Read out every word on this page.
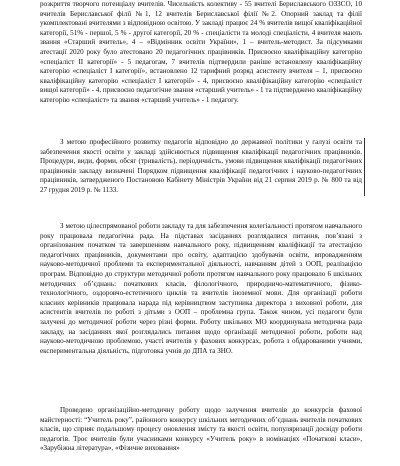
розкриття творчого потенціалу вчителів. Чисельність колективу - 55 вчителі Бериславського ОЗЗСО, 10 вчителів Бериславської філії №1, 12 вчителів Бериславської філії №2. Опорний заклад та філії укомплектовані вчителями з відповідною освітою. У закладі працює 24 % вчителів вищої кваліфікаційної категорії, 51% - першої, 5 % - другої категорії, 20 % - спеціалісти та молоді спеціалісти, 4 вчителя мають звання «Старший вчитель», 4 – «Відмінник освіти України», 1 – вчитель-методист. За підсумками атестації 2020 року було атестовано 20 педагогічних працівників. Присвоєно кваліфікаційну категорію «спеціаліст ІІ категорії» - 5 педагогам, 7 вчителів підтвердили раніше встановлену кваліфікаційну категорію «спеціаліст І категорії», встановлено 12 тарифний розряд асистенту вчителя – 1, присвоєно кваліфікаційну категорію «спеціаліст І категорії» - 4, присвоєно кваліфікаційну категорію «спеціаліст вищої категорії» - 4, присвоєно педагогічне звання «старший учитель» - 1 та підтверджено кваліфікаційну категорію «спеціаліст» та звання «старший учитель» - 1 педагогу.

З метою професійного розвитку педагогів відповідно до державної політики у галузі освіти та забезпечення якості освіти у закладі здійснюється підвищення кваліфікації педагогічних працівників. Процедури, види, форми, обсяг (тривалість), періодичність, умови підвищення кваліфікації педагогічних працівників закладу визначені Порядком підвищення кваліфікації педагогічних і науково-педагогічних працівників, затвердженого Постановою Кабінету Міністрів України від 21 серпня 2019 р. № 800 та від 27 грудня 2019 р. № 1133.

З метою цілеспрямованої роботи закладу та для забезпечення колегіальності протягом навчального року працювала педагогічна рада. На підставах засіданнях розглядалися питання, пов’язані з організованим початком та завершенням навчального року, підвищенням кваліфікації та атестацією педагогічних працівників, документами про освіту, адаптацією здобувачів освіти, впровадженням науково-методичної проблеми та експериментальної діяльності, навчанням дітей з ООП, реалізацією програм. Відповідно до структури методичної роботи протягом навчального року працювало 6 шкільних методичних об’єднань: початкових класів, філологічного, природничо-математичного, фізико-технологічного, оздоровчо-естетичного циклів та вчителів іноземної мови. Для організації роботи класних керівників працювала нарада під керівництвом заступника директора з виховної роботи, для асистентів вчителів по роботі з дітьми з ООП – проблемна група. Також чином, усі педагоги були залучені до методичної роботи через різні форми. Роботу шкільних МО координувала методична рада закладу, на засіданнях якої розглядались питання щодо організації методичної роботи, роботи над науково-методичною проблемою, участі вчителів у фахових конкурсах, робота з обдарованими учнями, експериментальна діяльність, підготовка учнів до ДПА та ЗНО.

Проведено організаційно-методичну роботу щодо залучення вчителів до конкурсів фахової майстерності: “Учитель року”, районного конкурсу шкільних методичних об’єднань вчителів початкових класів, що сприяє подальшому процесу оновлення змісту та якості освіти, популяризації досвіду роботи педагогів. Троє вчителів були учасниками конкурсу «Учитель року» в номінаціях «Початкові класи», «Зарубіжна література», «Фізичне виховання»
